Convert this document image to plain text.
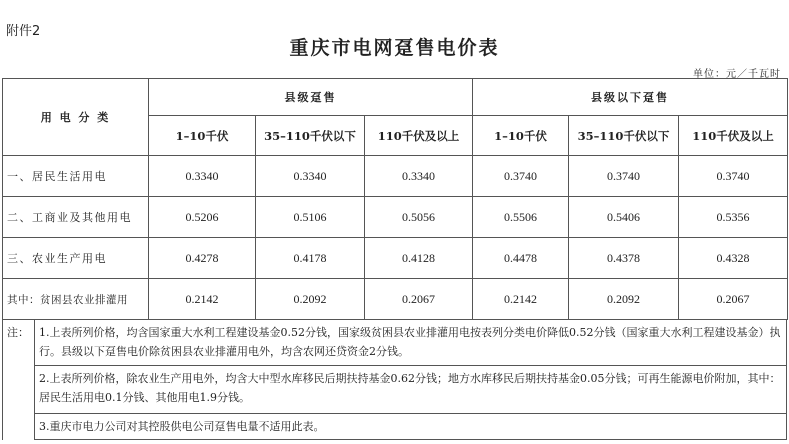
附件2
重庆市电网趸售电价表
单位：元／千瓦时
用 电 分 类	县级趸售			县级以下趸售		
	1–10千伏	35–110千伏以下	110千伏及以上	1–10千伏	35–110千伏以下	110千伏及以上
一、居民生活用电	0.3340	0.3340	0.3340	0.3740	0.3740	0.3740
二、工商业及其他用电	0.5206	0.5106	0.5056	0.5506	0.5406	0.5356
三、农业生产用电	0.4278	0.4178	0.4128	0.4478	0.4378	0.4328
其中：贫困县农业排灌用	0.2142	0.2092	0.2067	0.2142	0.2092	0.2067
注：	1.上表所列价格，均含国家重大水利工程建设基金0.52分钱，国家级贫困县农业排灌用电按表列分类电价降低0.52分钱（国家重大水利工程建设基金）执行。县级以下趸售电价除贫困县农业排灌用电外，均含农网还贷资金2分钱。
2.上表所列价格，除农业生产用电外，均含大中型水库移民后期扶持基金0.62分钱；地方水库移民后期扶持基金0.05分钱；可再生能源电价附加，其中：居民生活用电0.1分钱、其他用电1.9分钱。
3.重庆市电力公司对其控股供电公司趸售电量不适用此表。
